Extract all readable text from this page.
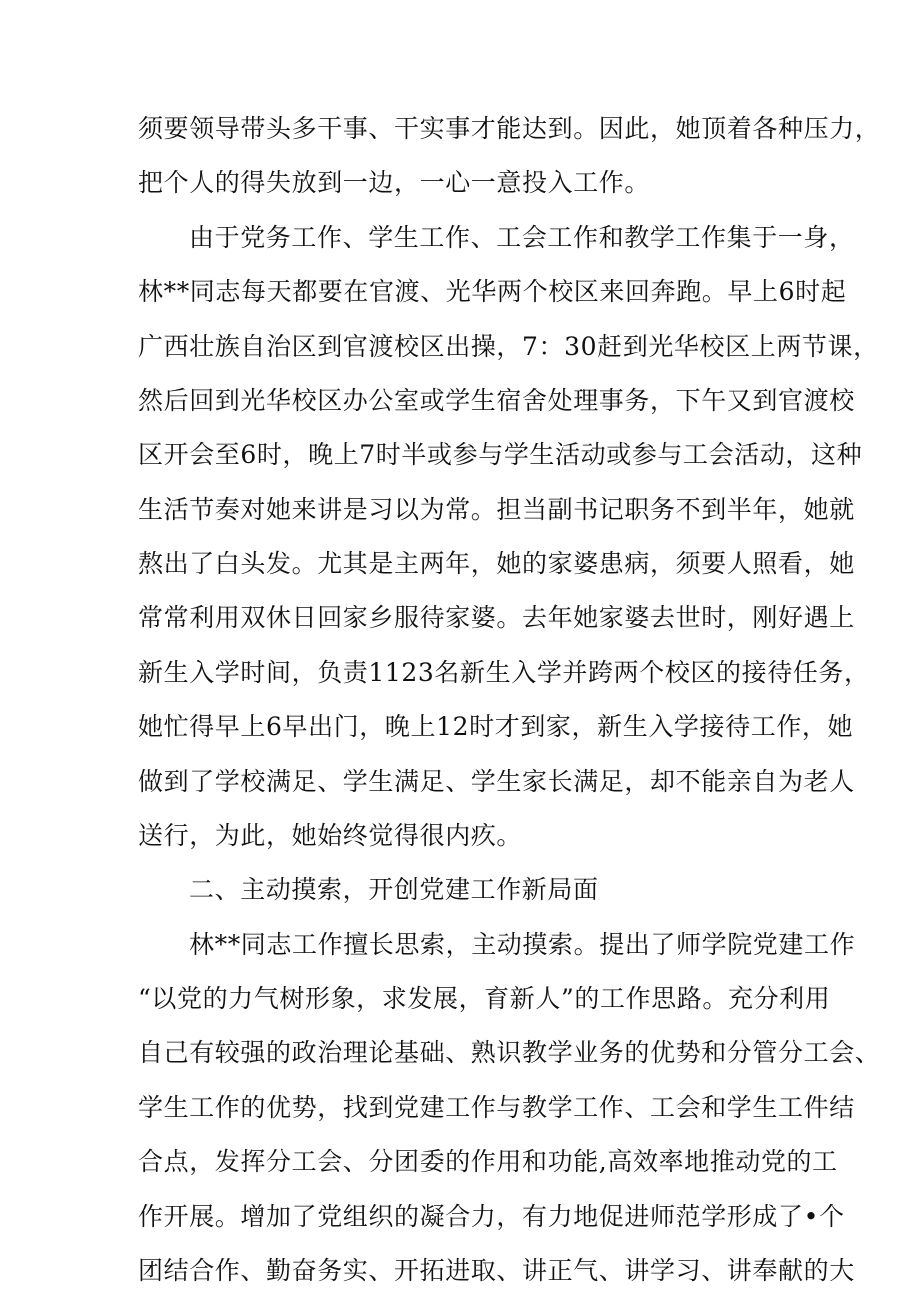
须要领导带头多干事、干实事才能达到。因此，她顶着各种压力，
把个人的得失放到一边，一心一意投入工作。
由于党务工作、学生工作、工会工作和教学工作集于一身，
林**同志每天都要在官渡、光华两个校区来回奔跑。早上6时起
广西壮族自治区到官渡校区出操，7：30赶到光华校区上两节课，
然后回到光华校区办公室或学生宿舍处理事务，下午又到官渡校
区开会至6时，晚上7时半或参与学生活动或参与工会活动，这种
生活节奏对她来讲是习以为常。担当副书记职务不到半年，她就
熬出了白头发。尤其是主两年，她的家婆患病，须要人照看，她
常常利用双休日回家乡服待家婆。去年她家婆去世时，刚好遇上
新生入学时间，负责1123名新生入学并跨两个校区的接待任务，
她忙得早上6早出门，晚上12时才到家，新生入学接待工作，她
做到了学校满足、学生满足、学生家长满足，却不能亲自为老人
送行，为此，她始终觉得很内疚。
二、主动摸索，开创党建工作新局面
林**同志工作擅长思索，主动摸索。提出了师学院党建工作
“以党的力气树形象，求发展，育新人”的工作思路。充分利用
自己有较强的政治理论基础、熟识教学业务的优势和分管分工会、
学生工作的优势，找到党建工作与教学工作、工会和学生工件结
合点，发挥分工会、分团委的作用和功能,高效率地推动党的工
作开展。增加了党组织的凝合力，有力地促进师范学形成了•个
团结合作、勤奋务实、开拓进取、讲正气、讲学习、讲奉献的大
